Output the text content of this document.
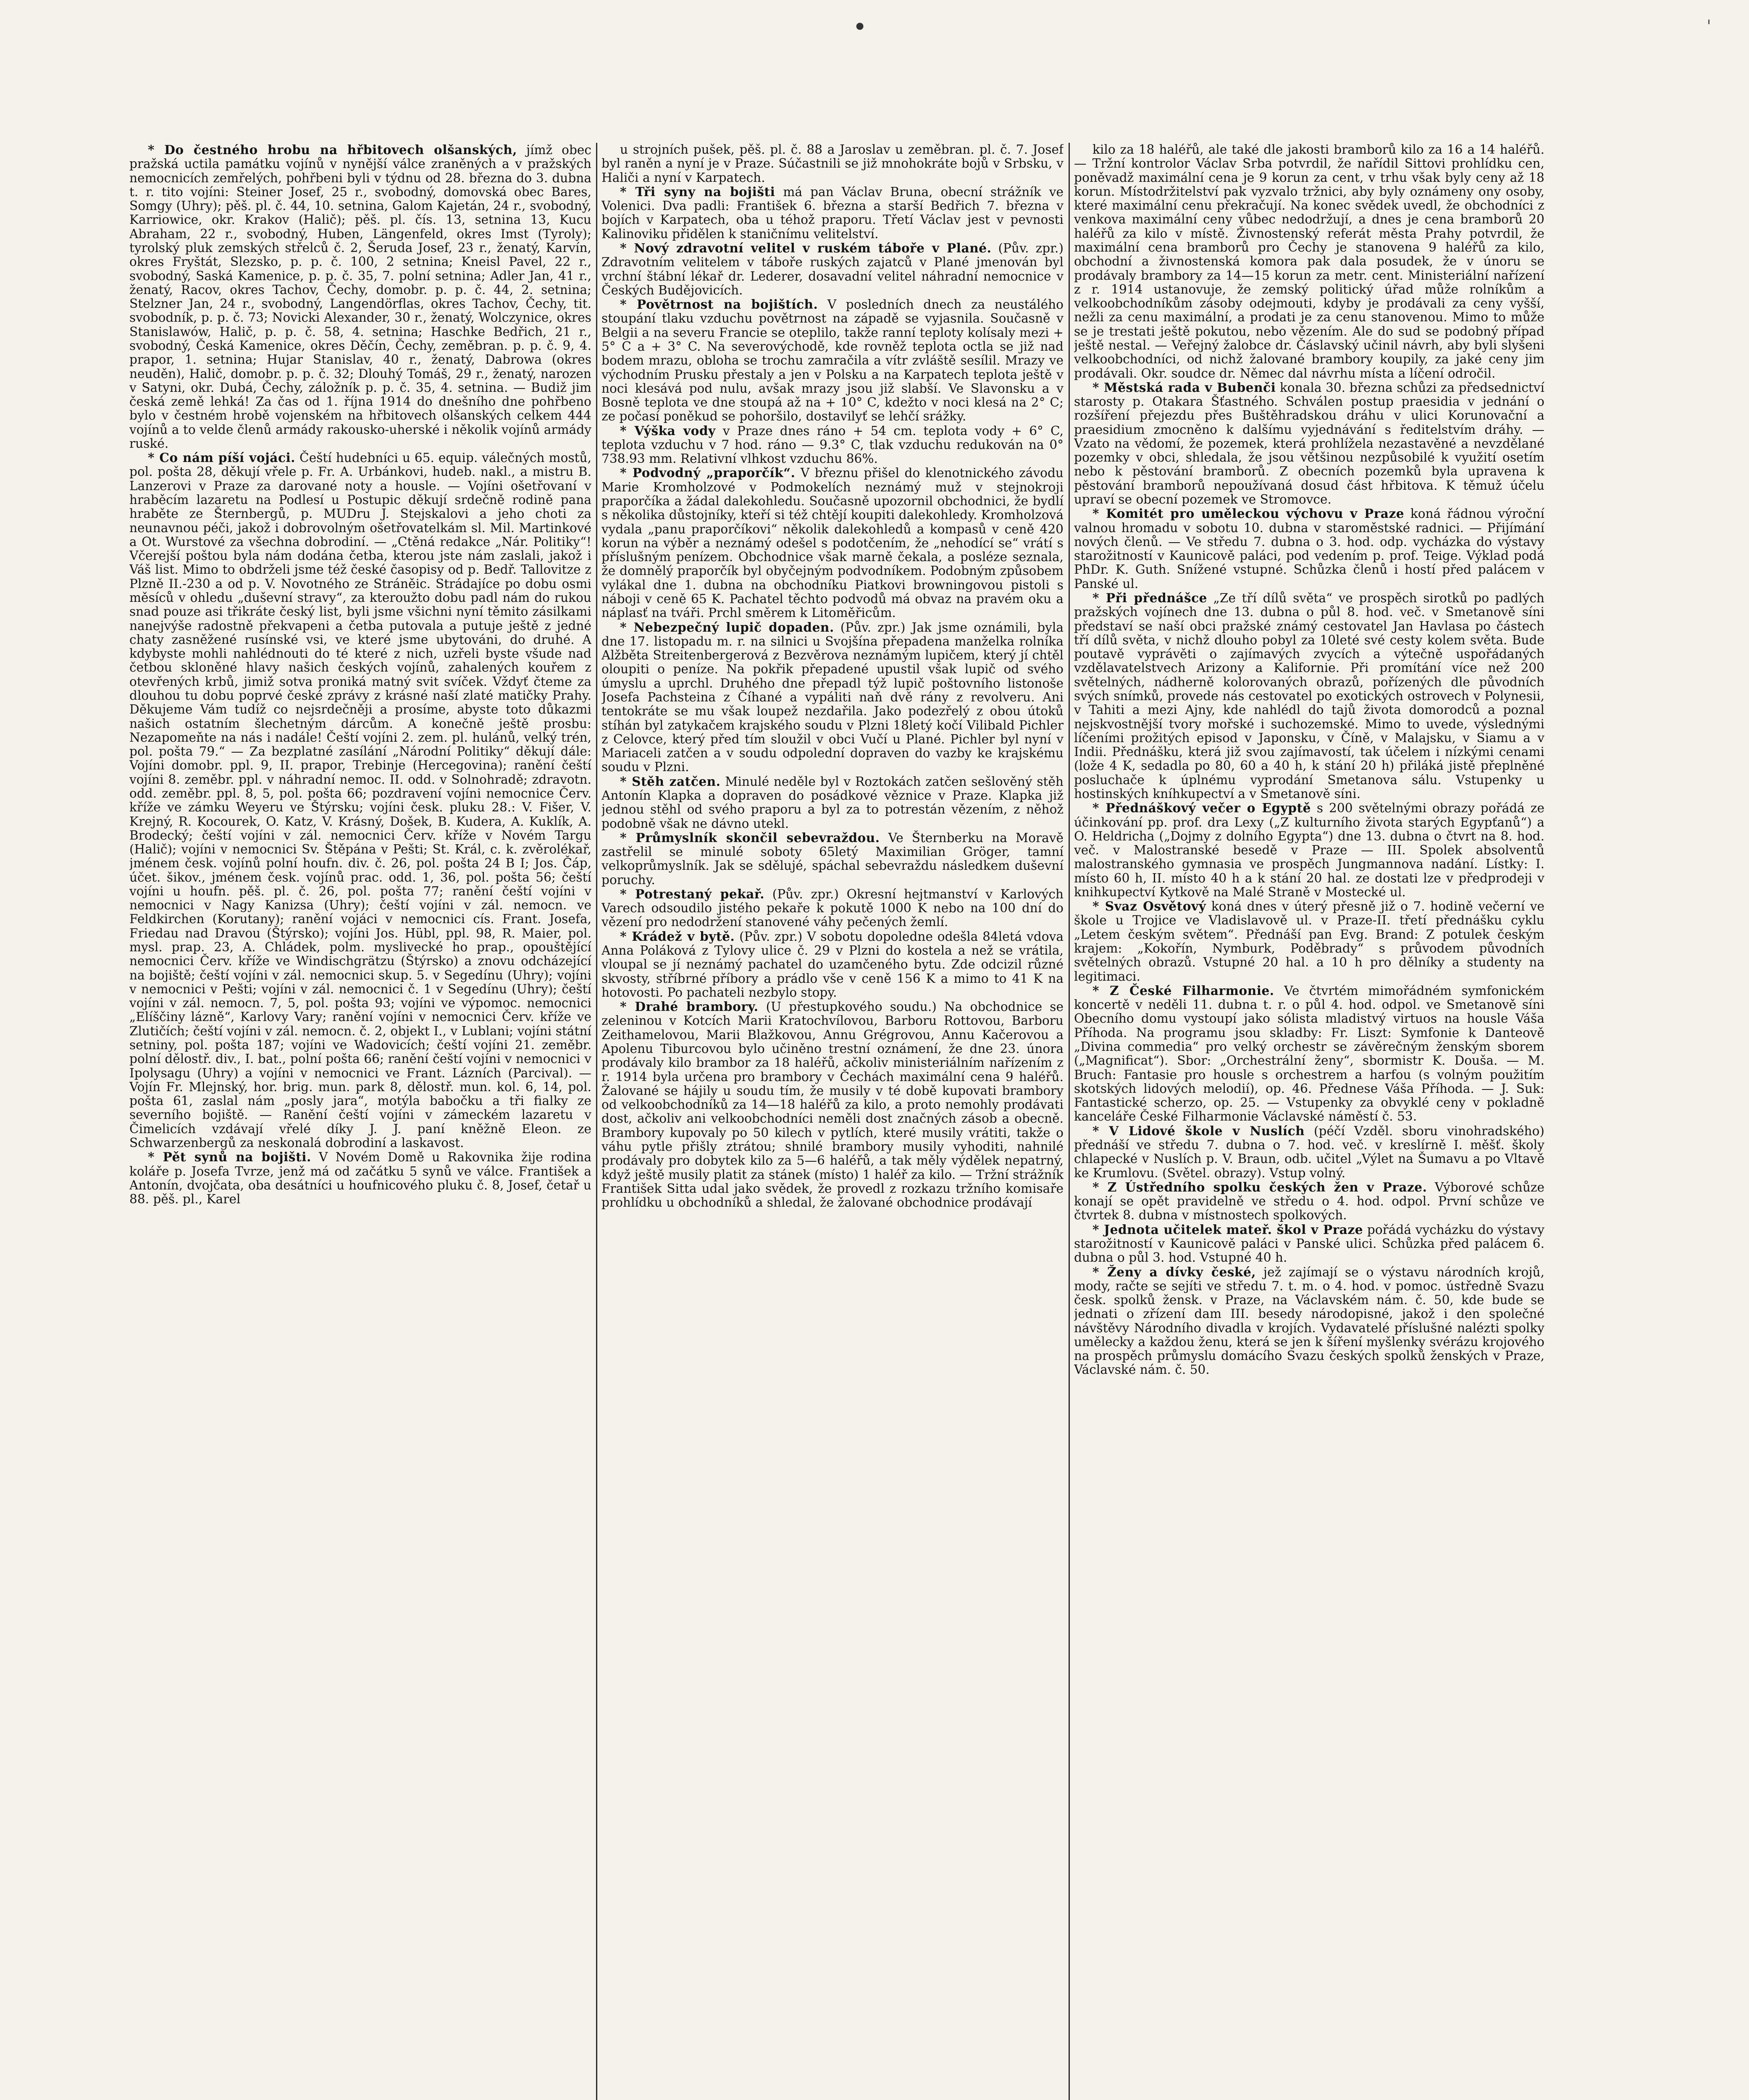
•	'

* Do čestného hrobu na hřbitovech olšanských, jímž obec pražská uctila památku vojínů v nynější válce zraněných a v pražských nemocnicích zemřelých, pohřbeni byli v týdnu od 28. března do 3. dubna t. r. tito vojíni: Steiner Josef, 25 r., svobodný, domovská obec Bares, Somgy (Uhry); pěš. pl. č. 44, 10. setnina, Galom Kajetán, 24 r., svobodný, Karriowice, okr. Krakov (Halič); pěš. pl. čís. 13, setnina 13, Kucu Abraham, 22 r., svobodný, Huben, Längenfeld, okres Imst (Tyroly); tyrolský pluk zemských střelců č. 2, Šeruda Josef, 23 r., ženatý, Karvín, okres Fryštát, Slezsko, p. p. č. 100, 2 setnina; Kneisl Pavel, 22 r., svobodný, Saská Kamenice, p. p. č. 35, 7. polní setnina; Adler Jan, 41 r., ženatý, Racov, okres Tachov, Čechy, domobr. p. p. č. 44, 2. setnina; Stelzner Jan, 24 r., svobodný, Langendörflas, okres Tachov, Čechy, tit. svobodník, p. p. č. 73; Novicki Alexander, 30 r., ženatý, Wolczynice, okres Stanislawów, Halič, p. p. č. 58, 4. setnina; Haschke Bedřich, 21 r., svobodný, Česká Kamenice, okres Děčín, Čechy, zeměbran. p. p. č. 9, 4. prapor, 1. setnina; Hujar Stanislav, 40 r., ženatý, Dabrowa (okres neuděn), Halič, domobr. p. p. č. 32; Dlouhý Tomáš, 29 r., ženatý, narozen v Satyni, okr. Dubá, Čechy, záložník p. p. č. 35, 4. setnina. — Budiž jim česká země lehká! Za čas od 1. října 1914 do dnešního dne pohřbeno bylo v čestném hrobě vojenském na hřbitovech olšanských celkem 444 vojínů a to velde členů armády rakousko-uherské i několik vojínů armády ruské.

* Co nám píší vojáci. Čeští hudebníci u 65. equip. válečných mostů, pol. pošta 28, děkují vřele p. Fr. A. Urbánkovi, hudeb. nakl., a mistru B. Lanzerovi v Praze za darované noty a housle. — Vojíni ošetřovaní v hraběcím lazaretu na Podlesí u Postupic děkují srdečně rodině pana hraběte ze Šternbergů, p. MUDru J. Stejskalovi a jeho choti za neunavnou péči, jakož i dobrovolným ošetřovatelkám sl. Mil. Martinkové a Ot. Wurstové za všechna dobrodiní. — „Ctěná redakce „Nár. Politiky“! Včerejší poštou byla nám dodána četba, kterou jste nám zaslali, jakož i Váš list. Mimo to obdrželi jsme též české časopisy od p. Bedř. Tallovitze z Plzně II.-230 a od p. V. Novotného ze Stráněic. Strádajíce po dobu osmi měsíců v ohledu „duševní stravy“, za kteroužto dobu padl nám do rukou snad pouze asi třikráte český list, byli jsme všichni nyní těmito zásilkami nanejvýše radostně překvapeni a četba putovala a putuje ještě z jedné chaty zasněžené rusínské vsi, ve které jsme ubytováni, do druhé. A kdybyste mohli nahlédnouti do té které z nich, uzřeli byste všude nad četbou skloněné hlavy našich českých vojínů, zahalených kouřem z otevřených krbů, jimiž sotva proniká matný svit svíček. Vždyť čteme za dlouhou tu dobu poprvé české zprávy z krásné naší zlaté matičky Prahy. Děkujeme Vám tudíž co nejsrdečněji a prosíme, abyste toto důkazmi našich ostatním šlechetným dárcům. A konečně ještě prosbu: Nezapomeňte na nás i nadále! Čeští vojíni 2. zem. pl. hulánů, velký trén, pol. pošta 79.“ — Za bezplatné zasílání „Národní Politiky“ děkují dále: Vojíni domobr. ppl. 9, II. prapor, Trebinje (Hercegovina); ranění čeští vojíni 8. zeměbr. ppl. v náhradní nemoc. II. odd. v Solnohradě; zdravotn. odd. zeměbr. ppl. 8, 5, pol. pošta 66; pozdravení vojíni nemocnice Červ. kříže ve zámku Weyeru ve Štýrsku; vojíni česk. pluku 28.: V. Fišer, V. Krejný, R. Kocourek, O. Katz, V. Krásný, Došek, B. Kudera, A. Kuklík, A. Brodecký; čeští vojíni v zál. nemocnici Červ. kříže v Novém Targu (Halič); vojíni v nemocnici Sv. Štěpána v Pešti; St. Král, c. k. zvěrolékař, jménem česk. vojínů polní houfn. div. č. 26, pol. pošta 24 B I; Jos. Čáp, účet. šikov., jménem česk. vojínů prac. odd. 1, 36, pol. pošta 56; čeští vojíni u houfn. pěš. pl. č. 26, pol. pošta 77; ranění čeští vojíni v nemocnici v Nagy Kanizsa (Uhry); čeští vojíni v zál. nemocn. ve Feldkirchen (Korutany); ranění vojáci v nemocnici cís. Frant. Josefa, Friedau nad Dravou (Štýrsko); vojíni Jos. Hübl, ppl. 98, R. Maier, pol. mysl. prap. 23, A. Chládek, polm. myslivecké ho prap., opouštějící nemocnici Červ. kříže ve Windischgrätzu (Štýrsko) a znovu odcházející na bojiště; čeští vojíni v zál. nemocnici skup. 5. v Segedínu (Uhry); vojíni v nemocnici v Pešti; vojíni v zál. nemocnici č. 1 v Segedínu (Uhry); čeští vojíni v zál. nemocn. 7, 5, pol. pošta 93; vojíni ve výpomoc. nemocnici „Elíščiny lázně“, Karlovy Vary; ranění vojíni v nemocnici Červ. kříže ve Zlutičích; čeští vojíni v zál. nemocn. č. 2, objekt I., v Lublani; vojíni státní setniny, pol. pošta 187; vojíni ve Wadovicích; čeští vojíni 21. zeměbr. polní dělostř. div., I. bat., polní pošta 66; ranění čeští vojíni v nemocnici v Ipolysagu (Uhry) a vojíni v nemocnici ve Frant. Lázních (Parcival). — Vojín Fr. Mlejnský, hor. brig. mun. park 8, dělostř. mun. kol. 6, 14, pol. pošta 61, zaslal nám „posly jara“, motýla babočku a tři fialky ze severního bojiště. — Ranění čeští vojíni v zámeckém lazaretu v Čimelicích vzdávají vřelé díky J. J. paní kněžně Eleon. ze Schwarzenbergů za neskonalá dobrodiní a laskavost.

* Pět synů na bojišti. V Novém Domě u Rakovnika žije rodina koláře p. Josefa Tvrze, jenž má od začátku 5 synů ve válce. František a Antonín, dvojčata, oba desátníci u houfnicového pluku č. 8, Josef, četař u 88. pěš. pl., Karel

u strojních pušek, pěš. pl. č. 88 a Jaroslav u zeměbran. pl. č. 7. Josef byl raněn a nyní je v Praze. Súčastnili se již mnohokráte bojů v Srbsku, v Haliči a nyní v Karpatech.

* Tři syny na bojišti má pan Václav Bruna, obecní strážník ve Volenici. Dva padli: František 6. března a starší Bedřich 7. března v bojích v Karpatech, oba u téhož praporu. Třetí Václav jest v pevnosti Kalinoviku přidělen k staničnímu velitelství.

* Nový zdravotní velitel v ruském táboře v Plané. (Pův. zpr.) Zdravotním velitelem v táboře ruských zajatců v Plané jmenován byl vrchní štábní lékař dr. Lederer, dosavadní velitel náhradní nemocnice v Českých Budějovicích.

* Povětrnost na bojištích. V posledních dnech za neustálého stoupání tlaku vzduchu povětrnost na západě se vyjasnila. Současně v Belgii a na severu Francie se oteplilo, takže ranní teploty kolísaly mezi + 5° C a + 3° C. Na severovýchodě, kde rovněž teplota octla se již nad bodem mrazu, obloha se trochu zamračila a vítr zvláště sesílil. Mrazy ve východním Prusku přestaly a jen v Polsku a na Karpatech teplota ještě v noci klesává pod nulu, avšak mrazy jsou již slabší. Ve Slavonsku a v Bosně teplota ve dne stoupá až na + 10° C, kdežto v noci klesá na 2° C; ze počasí poněkud se pohoršilo, dostavilyť se lehčí srážky.

* Výška vody v Praze dnes ráno + 54 cm. teplota vody + 6° C, teplota vzduchu v 7 hod. ráno — 9.3° C, tlak vzduchu redukován na 0° 738.93 mm. Relativní vlhkost vzduchu 86%.

* Podvodný „praporčík“. V březnu přišel do klenotnického závodu Marie Kromholzové v Podmokelích neznámý muž v stejnokroji praporčíka a žádal dalekohledu. Současně upozornil obchodnici, že bydlí s několika důstojníky, kteří si též chtějí koupiti dalekohledy. Kromholzová vydala „panu praporčíkovi“ několik dalekohledů a kompasů v ceně 420 korun na výběr a neznámý odešel s podotčením, že „nehodící se“ vrátí s příslušným penízem. Obchodnice však marně čekala, a posléze seznala, že domnělý praporčík byl obyčejným podvodníkem. Podobným způsobem vylákal dne 1. dubna na obchodníku Piatkovi browningovou pistoli s náboji v ceně 65 K. Pachatel těchto podvodů má obvaz na pravém oku a náplasť na tváři. Prchl směrem k Litoměřicům.

* Nebezpečný lupič dopaden. (Pův. zpr.) Jak jsme oznámili, byla dne 17. listopadu m. r. na silnici u Svojšína přepadena manželka rolníka Alžběta Streitenbergerová z Bezvěrova neznámým lupičem, který jí chtěl oloupiti o peníze. Na pokřik přepadené upustil však lupič od svého úmyslu a uprchl. Druhého dne přepadl týž lupič poštovního listonoše Josefa Pachsteina z Číhané a vypáliti naň dvě rány z revolveru. Ani tentokráte se mu však loupež nezdařila. Jako podezřelý z obou útoků stíhán byl zatykačem krajského soudu v Plzni 18letý kočí Vilibald Pichler z Celovce, který před tím sloužil v obci Vučí u Plané. Pichler byl nyní v Mariaceli zatčen a v soudu odpolední dopraven do vazby ke krajskému soudu v Plzni.

* Stěh zatčen. Minulé neděle byl v Roztokách zatčen sešlověný stěh Antonín Klapka a dopraven do posádkové věznice v Praze. Klapka již jednou stěhl od svého praporu a byl za to potrestán vězením, z něhož podobně však ne dávno utekl.

* Průmyslník skončil sebevraždou. Ve Šternberku na Moravě zastřelil se minulé soboty 65letý Maximilian Gröger, tamní velkoprůmyslník. Jak se sdělujé, spáchal sebevraždu následkem duševní poruchy.

* Potrestaný pekař. (Pův. zpr.) Okresní hejtmanství v Karlových Varech odsoudilo jistého pekaře k pokutě 1000 K nebo na 100 dní do vězení pro nedodržení stanovené váhy pečených žemlí.

* Krádež v bytě. (Pův. zpr.) V sobotu dopoledne odešla 84letá vdova Anna Poláková z Tylovy ulice č. 29 v Plzni do kostela a než se vrátila, vloupal se jí neznámý pachatel do uzamčeného bytu. Zde odcizil různé skvosty, stříbrné příbory a prádlo vše v ceně 156 K a mimo to 41 K na hotovosti. Po pachateli nezbylo stopy.

* Drahé brambory. (U přestupkového soudu.) Na obchodnice se zeleninou v Kotcích Marii Kratochvílovou, Barboru Rottovou, Barboru Zeithamelovou, Marii Blažkovou, Annu Grégrovou, Annu Kačerovou a Apolenu Tiburcovou bylo učiněno trestní oznámení, že dne 23. února prodávaly kilo brambor za 18 haléřů, ačkoliv ministeriálním nařízením z r. 1914 byla určena pro brambory v Čechách maximální cena 9 haléřů. Žalované se hájily u soudu tím, že musily v té době kupovati brambory od velkoobchodníků za 14—18 haléřů za kilo, a proto nemohly prodávati dost, ačkoliv ani velkoobchodníci neměli dost značných zásob a obecně. Brambory kupovaly po 50 kilech v pytlích, které musily vrátiti, takže o váhu pytle přišly ztrátou; shnilé brambory musily vyhoditi, nahnilé prodávaly pro dobytek kilo za 5—6 haléřů, a tak měly výdělek nepatrný, když ještě musily platit za stánek (místo) 1 haléř za kilo. — Tržní strážník František Sitta udal jako svědek, že provedl z rozkazu tržního komisaře prohlídku u obchodníků a shledal, že žalované obchodnice prodávají

kilo za 18 haléřů, ale také dle jakosti bramborů kilo za 16 a 14 haléřů. — Tržní kontrolor Václav Srba potvrdil, že nařídil Sittovi prohlídku cen, poněvadž maximální cena je 9 korun za cent, v trhu však byly ceny až 18 korun. Místodržitelství pak vyzvalo tržnici, aby byly oznámeny ony osoby, které maximální cenu překračují. Na konec svědek uvedl, že obchodníci z venkova maximální ceny vůbec nedodržují, a dnes je cena bramborů 20 haléřů za kilo v místě. Živnostenský referát města Prahy potvrdil, že maximální cena bramborů pro Čechy je stanovena 9 haléřů za kilo, obchodní a živnostenská komora pak dala posudek, že v únoru se prodávaly brambory za 14—15 korun za metr. cent. Ministeriální nařízení z r. 1914 ustanovuje, že zemský politický úřad může rolníkům a velkoobchodníkům zásoby odejmouti, kdyby je prodávali za ceny vyšší, nežli za cenu maximální, a prodati je za cenu stanovenou. Mimo to může se je trestati ještě pokutou, nebo vězením. Ale do sud se podobný případ ještě nestal. — Veřejný žalobce dr. Čáslavský učinil návrh, aby byli slyšeni velkoobchodníci, od nichž žalované brambory koupily, za jaké ceny jim prodávali. Okr. soudce dr. Němec dal návrhu místa a líčení odročil.

* Městská rada v Bubenči konala 30. března schůzi za předsednictví starosty p. Otakara Šťastného. Schválen postup praesidia v jednání o rozšíření přejezdu přes Buštěhradskou dráhu v ulici Korunovační a praesidium zmocněno k dalšímu vyjednávání s ředitelstvím dráhy. — Vzato na vědomí, že pozemek, která prohlížela nezastavěné a nevzdělané pozemky v obci, shledala, že jsou většinou nezpůsobilé k využití osetím nebo k pěstování bramborů. Z obecních pozemků byla upravena k pěstování bramborů nepoužívaná dosud část hřbitova. K těmuž účelu upraví se obecní pozemek ve Stromovce.

* Komitét pro uměleckou výchovu v Praze koná řádnou výroční valnou hromadu v sobotu 10. dubna v staroměstské radnici. — Přijímání nových členů. — Ve středu 7. dubna o 3. hod. odp. vycházka do výstavy starožitností v Kaunicově paláci, pod vedením p. prof. Teige. Výklad podá PhDr. K. Guth. Snížené vstupné. Schůzka členů i hostí před palácem v Panské ul.

* Při přednášce „Ze tří dílů světa“ ve prospěch sirotků po padlých pražských vojínech dne 13. dubna o půl 8. hod. več. v Smetanově síni představí se naší obci pražské známý cestovatel Jan Havlasa po částech tří dílů světa, v nichž dlouho pobyl za 10leté své cesty kolem světa. Bude poutavě vyprávěti o zajímavých zvycích a výtečně uspořádaných vzdělavatelstvech Arizony a Kalifornie. Při promítání více než 200 světelných, nádherně kolorovaných obrazů, pořízených dle původních svých snímků, provede nás cestovatel po exotických ostrovech v Polynesii, v Tahiti a mezi Ajny, kde nahlédl do tajů života domorodců a poznal nejskvostnější tvory mořské i suchozemské. Mimo to uvede, výslednými líčeními prožitých episod v Japonsku, v Číně, v Malajsku, v Siamu a v Indii. Přednášku, která již svou zajímavostí, tak účelem i nízkými cenami (lože 4 K, sedadla po 80, 60 a 40 h, k stání 20 h) přiláká jistě přeplněné posluchače k úplnému vyprodání Smetanova sálu. Vstupenky u hostinských kníhkupectví a v Smetanově síni.

* Přednáškový večer o Egyptě s 200 světelnými obrazy pořádá ze účinkování pp. prof. dra Lexy („Z kulturního života starých Egypťanů“) a O. Heldricha („Dojmy z dolního Egypta“) dne 13. dubna o čtvrt na 8. hod. več. v Malostranské besedě v Praze — III. Spolek absolventů malostranského gymnasia ve prospěch Jungmannova nadání. Lístky: I. místo 60 h, II. místo 40 h a k stání 20 hal. ze dostati lze v předprodeji v knihkupectví Kytkově na Malé Straně v Mostecké ul.

* Svaz Osvětový koná dnes v úterý přesně již o 7. hodině večerní ve škole u Trojice ve Vladislavově ul. v Praze-II. třetí přednášku cyklu „Letem českým světem“. Přednáší pan Evg. Brand: Z potulek českým krajem: „Kokořín, Nymburk, Poděbrady“ s průvodem původních světelných obrazů. Vstupné 20 hal. a 10 h pro dělníky a studenty na legitimaci.

* Z České Filharmonie. Ve čtvrtém mimořádném symfonickém koncertě v neděli 11. dubna t. r. o půl 4. hod. odpol. ve Smetanově síni Obecního domu vystoupí jako sólista mladistvý virtuos na housle Váša Příhoda. Na programu jsou skladby: Fr. Liszt: Symfonie k Danteově „Divina commedia“ pro velký orchestr se závěrečným ženským sborem („Magnificat“). Sbor: „Orchestrální ženy“, sbormistr K. Douša. — M. Bruch: Fantasie pro housle s orchestrem a harfou (s volným použitím skotských lidových melodií), op. 46. Přednese Váša Příhoda. — J. Suk: Fantastické scherzo, op. 25. — Vstupenky za obvyklé ceny v pokladně kanceláře České Filharmonie Václavské náměstí č. 53.

* V Lidové škole v Nuslích (péčí Vzděl. sboru vinohradského) přednáší ve středu 7. dubna o 7. hod. več. v kreslírně I. měšť. školy chlapecké v Nuslích p. V. Braun, odb. učitel „Výlet na Šumavu a po Vltavě ke Krumlovu. (Světel. obrazy). Vstup volný.

* Z Ústředního spolku českých žen v Praze. Výborové schůze konají se opět pravidelně ve středu o 4. hod. odpol. První schůze ve čtvrtek 8. dubna v místnostech spolkových.

* Jednota učitelek mateř. škol v Praze pořádá vycházku do výstavy starožitností v Kaunicově paláci v Panské ulici. Schůzka před palácem 6. dubna o půl 3. hod. Vstupné 40 h.

* Ženy a dívky české, jež zajímají se o výstavu národních krojů, mody, račte se sejíti ve středu 7. t. m. o 4. hod. v pomoc. ústředně Svazu česk. spolků žensk. v Praze, na Václavském nám. č. 50, kde bude se jednati o zřízení dam III. besedy národopisné, jakož i den společné návštěvy Národního divadla v krojích. Vydavatelé příslušné nalézti spolky umělecky a každou ženu, která se jen k šíření myšlenky svérázu krojového na prospěch průmyslu domácího Svazu českých spolků ženských v Praze, Václavské nám. č. 50.
